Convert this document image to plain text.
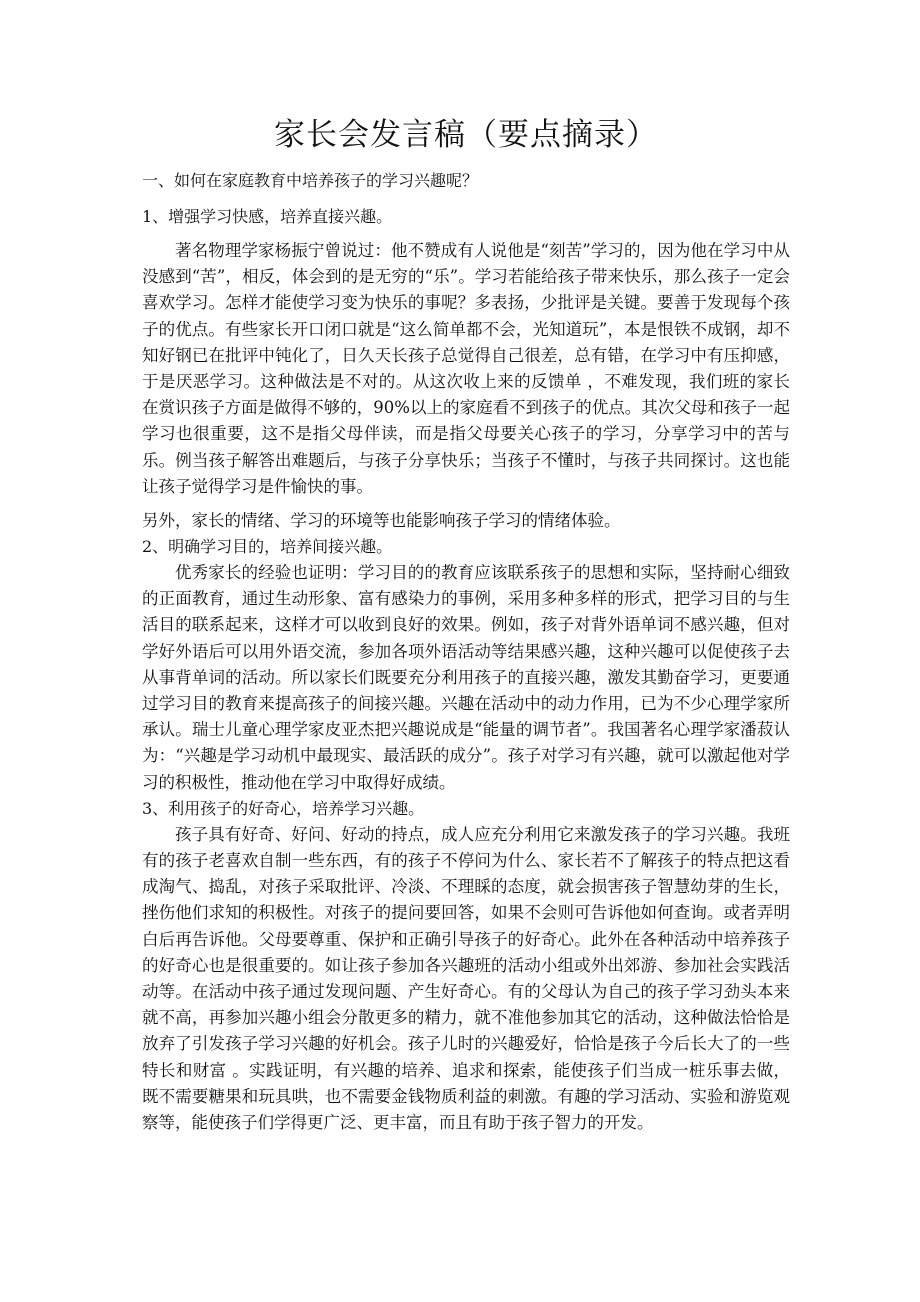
家长会发言稿（要点摘录）

一、如何在家庭教育中培养孩子的学习兴趣呢？

1、增强学习快感，培养直接兴趣。

著名物理学家杨振宁曾说过：他不赞成有人说他是“刻苦”学习的，因为他在学习中从没感到“苦”，相反，体会到的是无穷的“乐”。学习若能给孩子带来快乐，那么孩子一定会喜欢学习。怎样才能使学习变为快乐的事呢？多表扬，少批评是关键。要善于发现每个孩子的优点。有些家长开口闭口就是“这么简单都不会，光知道玩”，本是恨铁不成钢，却不知好钢已在批评中钝化了，日久天长孩子总觉得自己很差，总有错，在学习中有压抑感，于是厌恶学习。这种做法是不对的。从这次收上来的反馈单 ，不难发现，我们班的家长在赏识孩子方面是做得不够的，90%以上的家庭看不到孩子的优点。其次父母和孩子一起学习也很重要，这不是指父母伴读，而是指父母要关心孩子的学习，分享学习中的苦与乐。例当孩子解答出难题后，与孩子分享快乐；当孩子不懂时，与孩子共同探讨。这也能让孩子觉得学习是件愉快的事。

另外，家长的情绪、学习的环境等也能影响孩子学习的情绪体验。

2、明确学习目的，培养间接兴趣。

优秀家长的经验也证明：学习目的的教育应该联系孩子的思想和实际，坚持耐心细致的正面教育，通过生动形象、富有感染力的事例，采用多种多样的形式，把学习目的与生活目的联系起来，这样才可以收到良好的效果。例如，孩子对背外语单词不感兴趣，但对学好外语后可以用外语交流，参加各项外语活动等结果感兴趣，这种兴趣可以促使孩子去从事背单词的活动。所以家长们既要充分利用孩子的直接兴趣，激发其勤奋学习，更要通过学习目的教育来提高孩子的间接兴趣。兴趣在活动中的动力作用，已为不少心理学家所承认。瑞士儿童心理学家皮亚杰把兴趣说成是“能量的调节者”。我国著名心理学家潘菽认为：“兴趣是学习动机中最现实、最活跃的成分”。孩子对学习有兴趣，就可以激起他对学习的积极性，推动他在学习中取得好成绩。

3、利用孩子的好奇心，培养学习兴趣。

孩子具有好奇、好问、好动的持点，成人应充分利用它来激发孩子的学习兴趣。我班有的孩子老喜欢自制一些东西，有的孩子不停问为什么、家长若不了解孩子的特点把这看成淘气、捣乱，对孩子采取批评、冷淡、不理睬的态度，就会损害孩子智慧幼芽的生长，挫伤他们求知的积极性。对孩子的提问要回答，如果不会则可告诉他如何查询。或者弄明白后再告诉他。父母要尊重、保护和正确引导孩子的好奇心。此外在各种活动中培养孩子的好奇心也是很重要的。如让孩子参加各兴趣班的活动小组或外出郊游、参加社会实践活动等。在活动中孩子通过发现问题、产生好奇心。有的父母认为自己的孩子学习劲头本来就不高，再参加兴趣小组会分散更多的精力，就不准他参加其它的活动，这种做法恰恰是放弃了引发孩子学习兴趣的好机会。孩子儿时的兴趣爱好，恰恰是孩子今后长大了的一些特长和财富 。实践证明，有兴趣的培养、追求和探索，能使孩子们当成一桩乐事去做，既不需要糖果和玩具哄，也不需要金钱物质利益的刺激。有趣的学习活动、实验和游览观察等，能使孩子们学得更广泛、更丰富，而且有助于孩子智力的开发。
